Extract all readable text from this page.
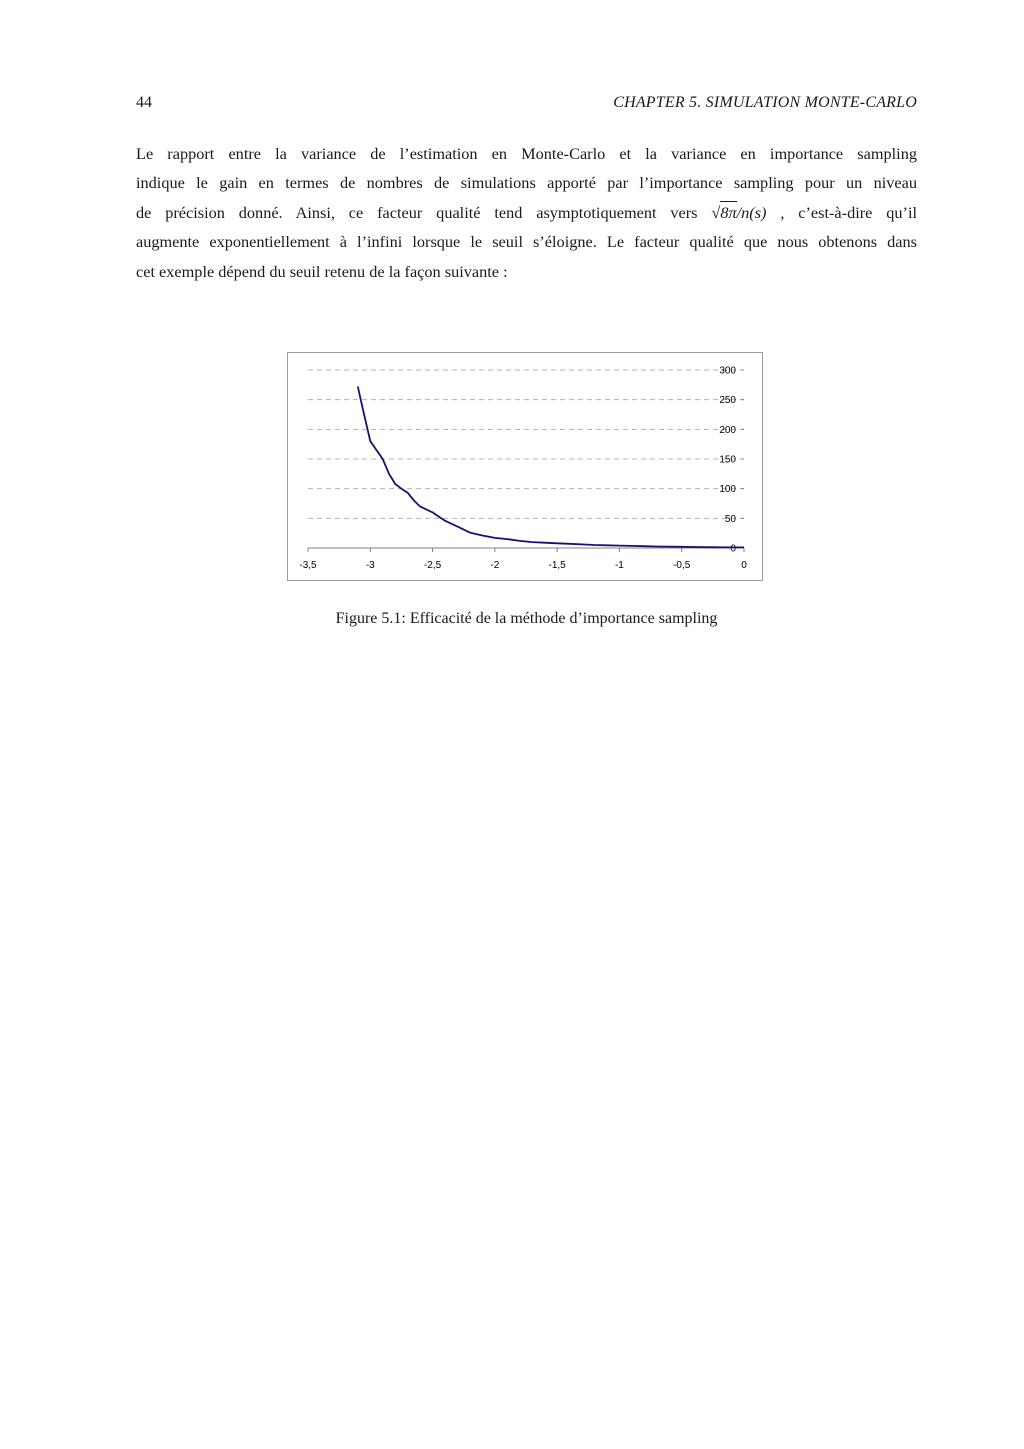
44	CHAPTER 5. SIMULATION MONTE-CARLO
Le rapport entre la variance de l’estimation en Monte-Carlo et la variance en importance sampling
indique le gain en termes de nombres de simulations apporté par l’importance sampling pour un niveau
de précision donné. Ainsi, ce facteur qualité tend asymptotiquement vers √8π/n(s) , c’est-à-dire qu’il
augmente exponentiellement à l’infini lorsque le seuil s’éloigne. Le facteur qualité que nous obtenons dans
cet exemple dépend du seuil retenu de la façon suivante :
0
50
100
150
200
250
300
-3,5	-3	-2,5	-2	-1,5	-1	-0,5	0
Figure 5.1: Efficacité de la méthode d’importance sampling
